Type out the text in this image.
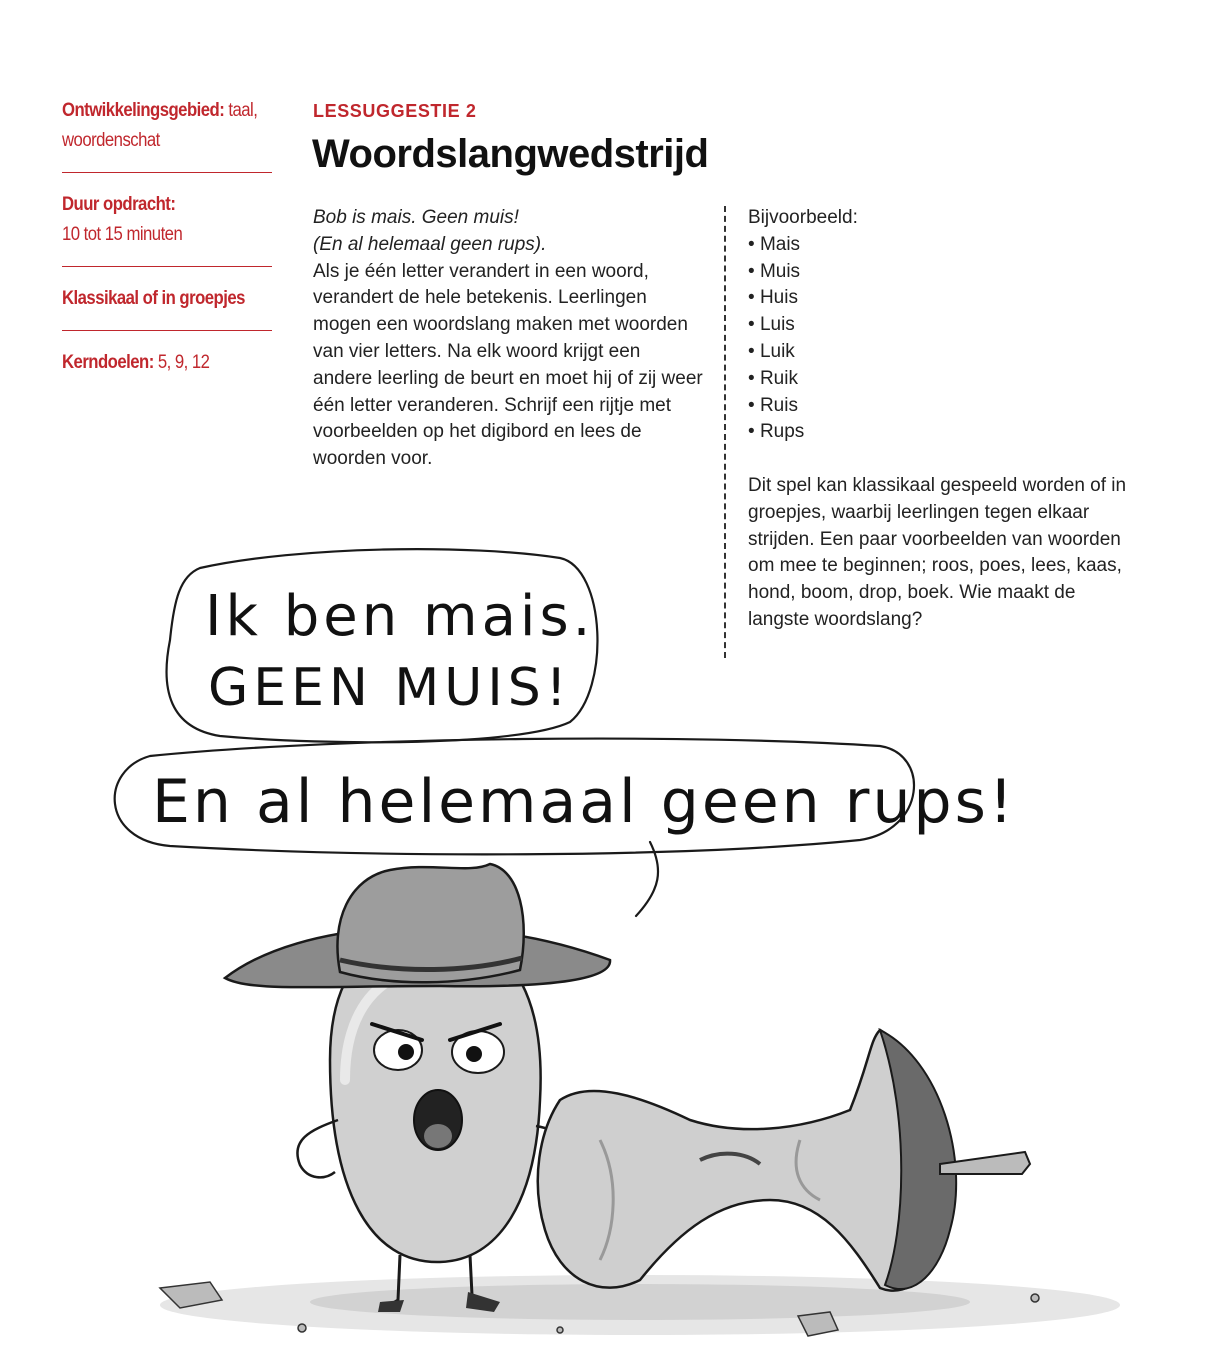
Ontwikkelingsgebied: taal, woordenschat
Duur opdracht:
10 tot 15 minuten
Klassikaal of in groepjes
Kerndoelen: 5, 9, 12
LESSUGGESTIE 2
Woordslangwedstrijd

Bob is mais. Geen muis!

(En al helemaal geen rups).

Als je één letter verandert in een woord, verandert de hele betekenis. Leerlingen mogen een woordslang maken met woorden van vier letters. Na elk woord krijgt een andere leerling de beurt en moet hij of zij weer één letter veranderen. Schrijf een rijtje met voorbeelden op het digibord en lees de woorden voor.

Bijvoorbeeld:

• Mais
• Muis
• Huis
• Luis
• Luik
• Ruik
• Ruis
• Rups

Dit spel kan klassikaal gespeeld worden of in groepjes, waarbij leerlingen tegen elkaar strijden. Een paar voorbeelden van woorden om mee te beginnen; roos, poes, lees, kaas, hond, boom, drop, boek. Wie maakt de langste woordslang?

Ik ben mais.
GEEN MUIS!
En al helemaal geen rups!
